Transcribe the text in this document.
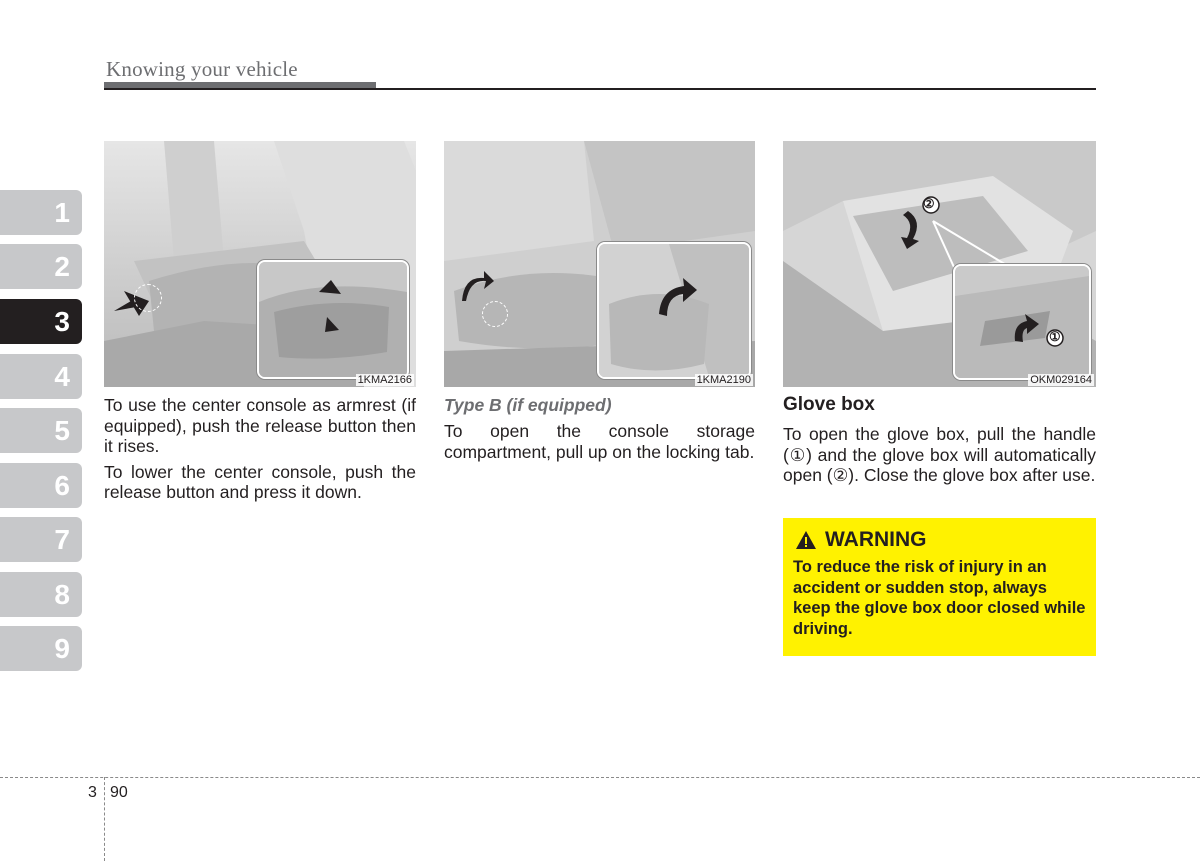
Knowing your vehicle
1
2
3
4
5
6
7
8
9
1KMA2166	1KMA2190
②
①
OKM029164

To use the center console as armrest (if equipped), push the release button then it rises.

To lower the center console, push the release button and press it down.

Type B (if equipped)

To open the console storage compartment, pull up on the locking tab.

Glove box

To open the glove box, pull the handle (①) and the glove box will automatically open (②). Close the glove box after use.

WARNING
To reduce the risk of injury in an accident or sudden stop, always keep the glove box door closed while driving.
3 90
